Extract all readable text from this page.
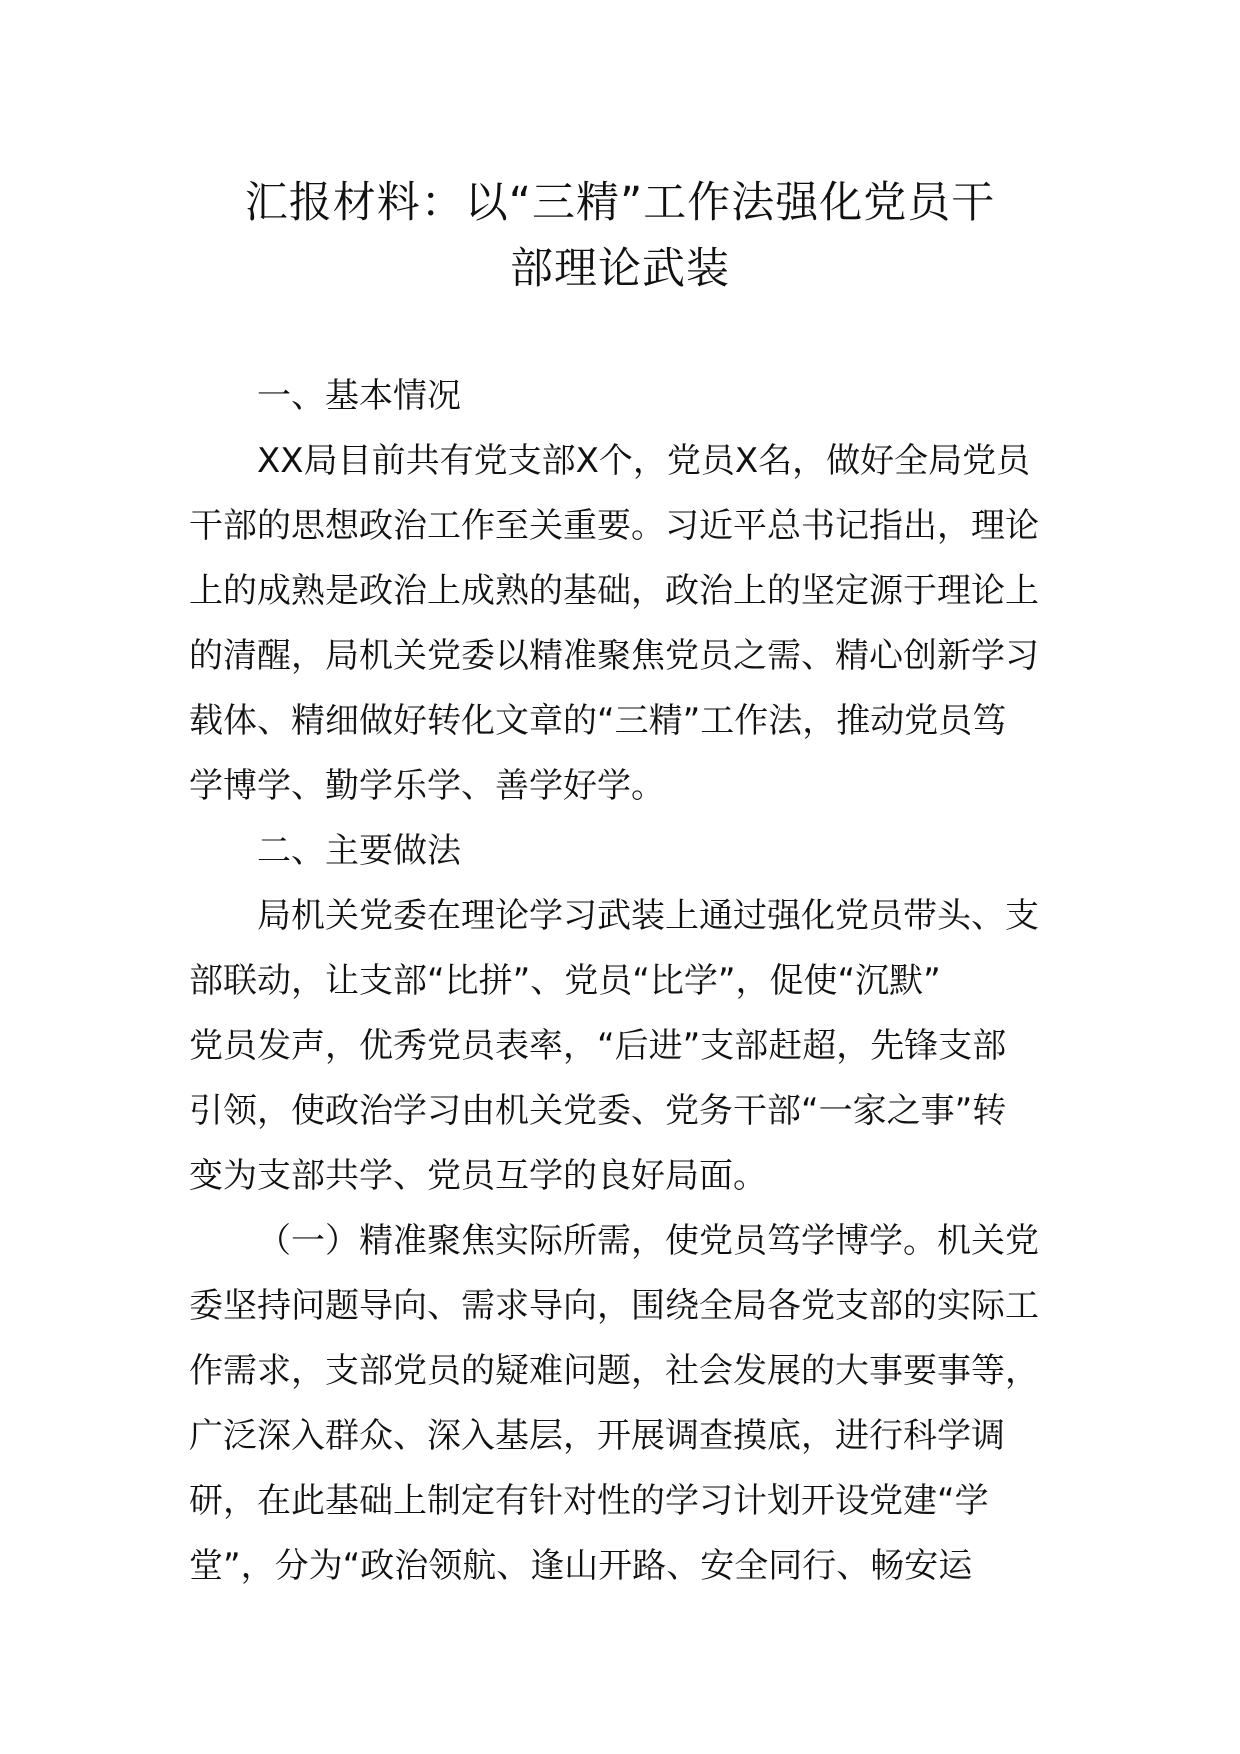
汇报材料：以“三精”工作法强化党员干
部理论武装
一、基本情况
XX局目前共有党支部X个，党员X名，做好全局党员
干部的思想政治工作至关重要。习近平总书记指出，理论
上的成熟是政治上成熟的基础，政治上的坚定源于理论上
的清醒，局机关党委以精准聚焦党员之需、精心创新学习
载体、精细做好转化文章的“三精”工作法，推动党员笃
学博学、勤学乐学、善学好学。
二、主要做法
局机关党委在理论学习武装上通过强化党员带头、支
部联动，让支部“比拼”、党员“比学”，促使“沉默”
党员发声，优秀党员表率，“后进”支部赶超，先锋支部
引领，使政治学习由机关党委、党务干部“一家之事”转
变为支部共学、党员互学的良好局面。
（一）精准聚焦实际所需，使党员笃学博学。机关党
委坚持问题导向、需求导向，围绕全局各党支部的实际工
作需求，支部党员的疑难问题，社会发展的大事要事等，
广泛深入群众、深入基层，开展调查摸底，进行科学调
研，在此基础上制定有针对性的学习计划开设党建“学
堂”，分为“政治领航、逢山开路、安全同行、畅安运
